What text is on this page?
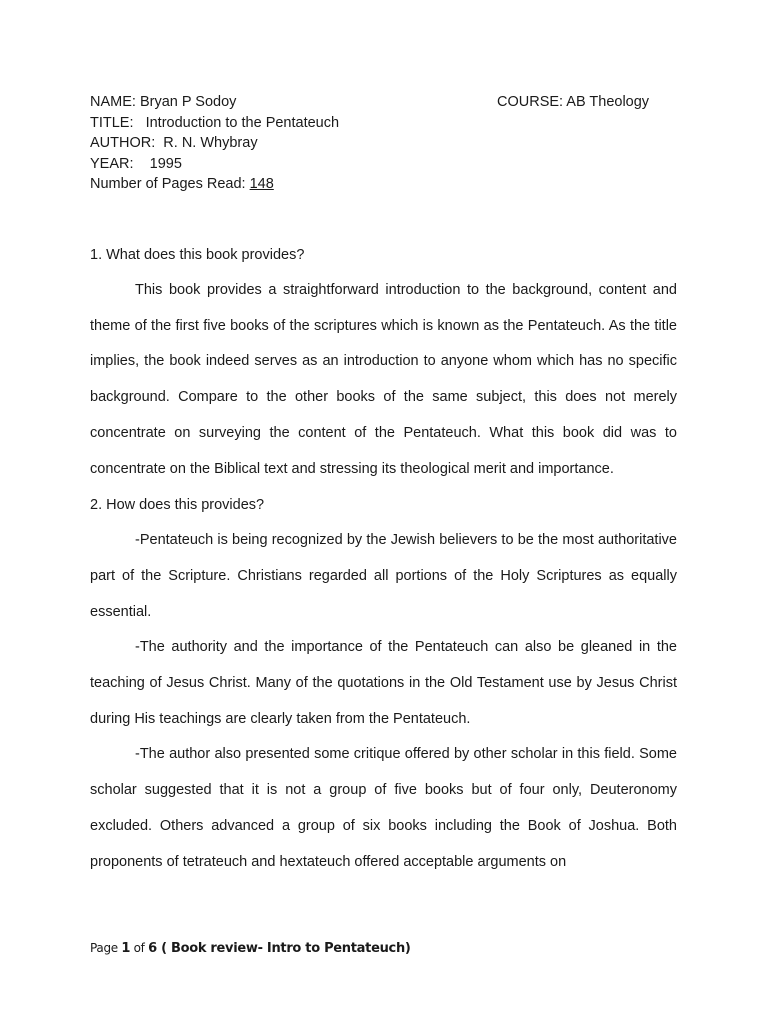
NAME: Bryan P Sodoy
TITLE:   Introduction to the Pentateuch
AUTHOR:  R. N. Whybray
YEAR:    1995
Number of Pages Read: 148
COURSE: AB Theology

1. What does this book provides?

This book provides a straightforward introduction to the background, content and theme of the first five books of the scriptures which is known as the Pentateuch. As the title implies, the book indeed serves as an introduction to anyone whom which has no specific background. Compare to the other books of the same subject, this does not merely concentrate on surveying the content of the Pentateuch. What this book did was to concentrate on the Biblical text and stressing its theological merit and importance.

2. How does this provides?

-Pentateuch is being recognized by the Jewish believers to be the most authoritative part of the Scripture. Christians regarded all portions of the Holy Scriptures as equally essential.

-The authority and the importance of the Pentateuch can also be gleaned in the teaching of Jesus Christ. Many of the quotations in the Old Testament use by Jesus Christ during His teachings are clearly taken from the Pentateuch.

-The author also presented some critique offered by other scholar in this field. Some scholar suggested that it is not a group of five books but of four only, Deuteronomy excluded. Others advanced a group of six books including the Book of Joshua. Both proponents of tetrateuch and hextateuch offered acceptable arguments on

Page 1 of 6 ( Book review- Intro to Pentateuch)
